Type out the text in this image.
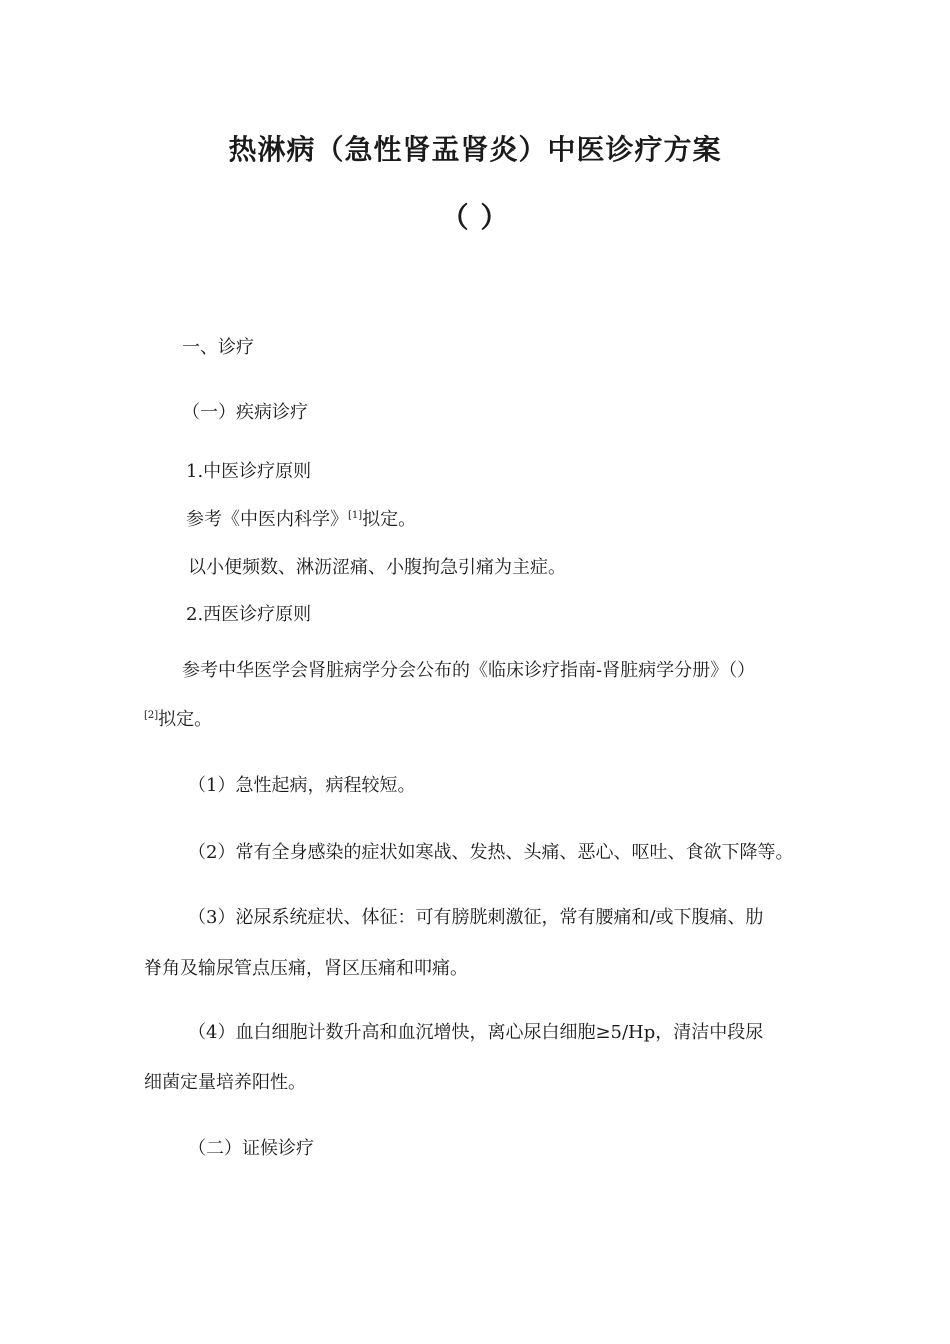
热淋病（急性肾盂肾炎）中医诊疗方案
（ ）
一、诊疗
（一）疾病诊疗
1.中医诊疗原则
参考《中医内科学》[1]拟定。
以小便频数、淋沥涩痛、小腹拘急引痛为主症。
2.西医诊疗原则
参考中华医学会肾脏病学分会公布的《临床诊疗指南-肾脏病学分册》（）
[2]拟定。
（1）急性起病，病程较短。
（2）常有全身感染的症状如寒战、发热、头痛、恶心、呕吐、食欲下降等。
（3）泌尿系统症状、体征：可有膀胱刺激征，常有腰痛和/或下腹痛、肋
脊角及输尿管点压痛，肾区压痛和叩痛。
（4）血白细胞计数升高和血沉增快，离心尿白细胞≥5/Hp，清洁中段尿
细菌定量培养阳性。
（二）证候诊疗
